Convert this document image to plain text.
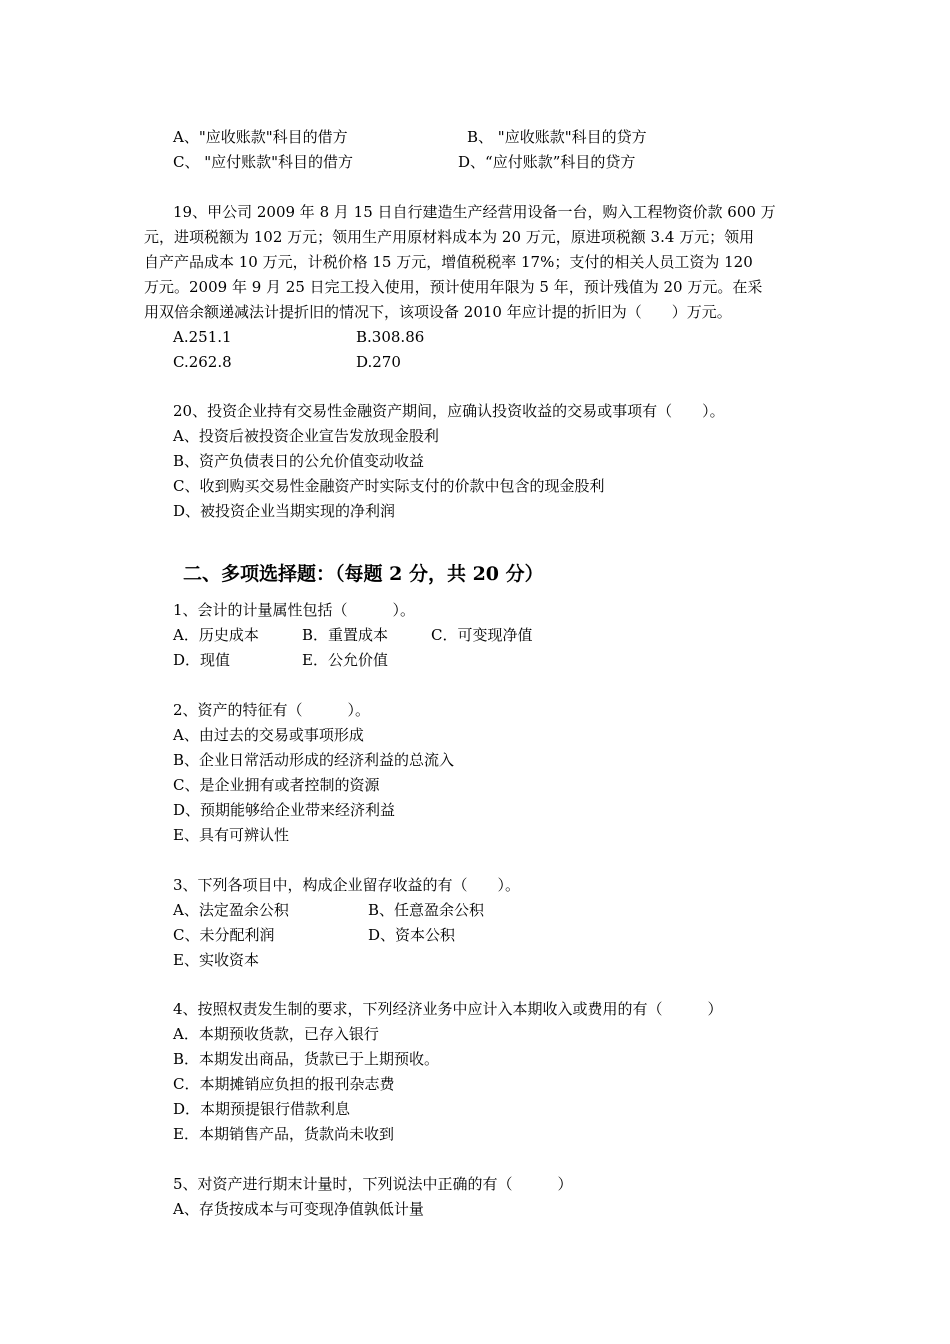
A、"应收账款"科目的借方	B、 "应收账款"科目的贷方
C、 "应付账款"科目的借方	D、“应付账款”科目的贷方
19、甲公司 2009 年 8 月 15 日自行建造生产经营用设备一台，购入工程物资价款 600 万
元，进项税额为 102 万元；领用生产用原材料成本为 20 万元，原进项税额 3.4 万元；领用
自产产品成本 10 万元，计税价格 15 万元，增值税税率 17%；支付的相关人员工资为 120
万元。2009 年 9 月 25 日完工投入使用，预计使用年限为 5 年，预计残值为 20 万元。在采
用双倍余额递减法计提折旧的情况下，该项设备 2010 年应计提的折旧为（　　）万元。
A.251.1	B.308.86
C.262.8	D.270
20、投资企业持有交易性金融资产期间，应确认投资收益的交易或事项有（　　）。
A、投资后被投资企业宣告发放现金股利
B、资产负债表日的公允价值变动收益
C、收到购买交易性金融资产时实际支付的价款中包含的现金股利
D、被投资企业当期实现的净利润
二、多项选择题：（每题 2 分，共 20 分）
1、会计的计量属性包括（　　　）。
A．历史成本	B．重置成本	C．可变现净值
D．现值	E．公允价值
2、资产的特征有（　　　）。
A、由过去的交易或事项形成
B、企业日常活动形成的经济利益的总流入
C、是企业拥有或者控制的资源
D、预期能够给企业带来经济利益
E、具有可辨认性
3、下列各项目中，构成企业留存收益的有（　　）。
A、法定盈余公积	B、任意盈余公积
C、未分配利润	D、资本公积
E、实收资本
4、按照权责发生制的要求，下列经济业务中应计入本期收入或费用的有（　　　）
A．本期预收货款，已存入银行
B．本期发出商品，货款已于上期预收。
C．本期摊销应负担的报刊杂志费
D．本期预提银行借款利息
E．本期销售产品，货款尚未收到
5、对资产进行期末计量时，下列说法中正确的有（　　　）
A、存货按成本与可变现净值孰低计量
